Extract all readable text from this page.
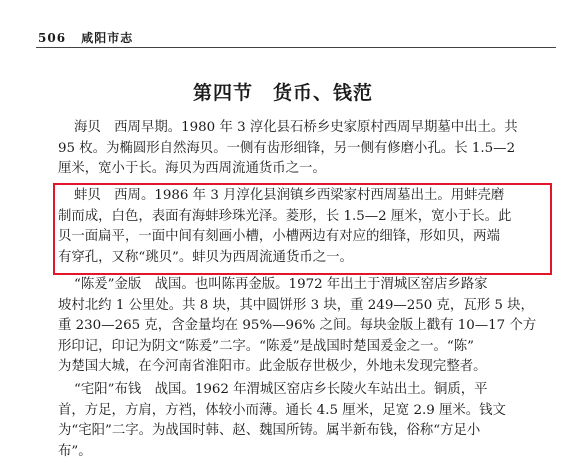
506 咸阳市志
第四节　货币、钱范
海贝　西周早期。1980 年 3 淳化县石桥乡史家原村西周早期墓中出土。共
95 枚。为椭圆形自然海贝。一侧有齿形细锋，另一侧有修磨小孔。长 1.5—2
厘米，宽小于长。海贝为西周流通货币之一。
蚌贝　西周。1986 年 3 月淳化县润镇乡西梁家村西周墓出土。用蚌壳磨
制而成，白色，表面有海蚌珍珠光泽。菱形，长 1.5—2 厘米，宽小于长。此
贝一面扁平，一面中间有刻画小槽，小槽两边有对应的细锋，形如贝，两端
有穿孔，又称“珧贝”。蚌贝为西周流通货币之一。
“陈爰”金版　战国。也叫陈再金版。1972 年出土于渭城区窑店乡路家
坡村北约 1 公里处。共 8 块，其中圆饼形 3 块，重 249—250 克，瓦形 5 块，
重 230—265 克，含金量均在 95%—96% 之间。每块金版上戳有 10—17 个方
形印记，印记为阴文“陈爰”二字。“陈爰”是战国时楚国爰金之一。“陈”
为楚国大城，在今河南省淮阳市。此金版存世极少，外地未发现完整者。
“宅阳”布钱　战国。1962 年渭城区窑店乡长陵火车站出土。铜质，平
首，方足，方肩，方裆，体较小而薄。通长 4.5 厘米，足宽 2.9 厘米。钱文
为“宅阳”二字。为战国时韩、赵、魏国所铸。属半新布钱，俗称“方足小
布”。
